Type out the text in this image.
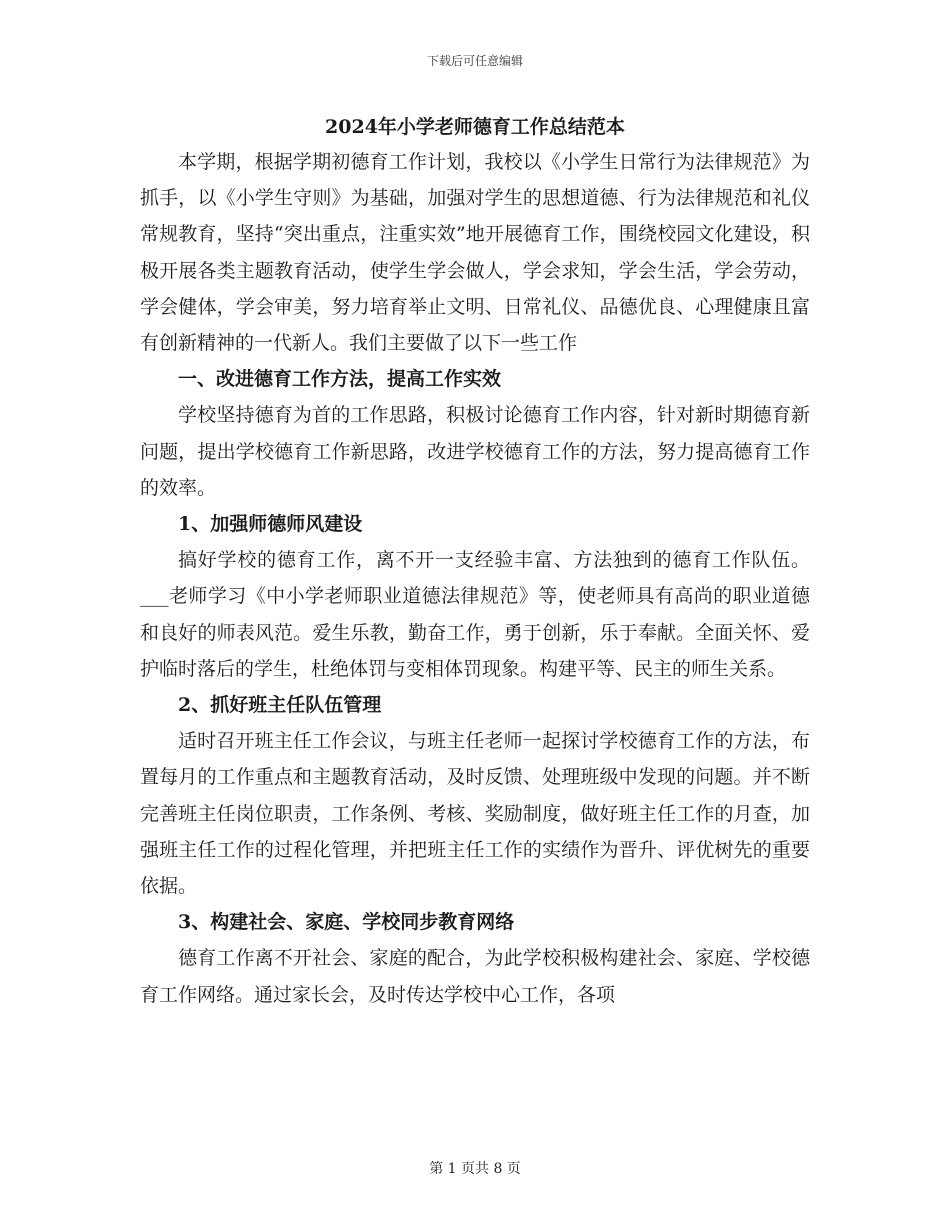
下载后可任意编辑

2024年小学老师德育工作总结范本

本学期，根据学期初德育工作计划，我校以《小学生日常行为法律规范》为抓手，以《小学生守则》为基础，加强对学生的思想道德、行为法律规范和礼仪常规教育，坚持“突出重点，注重实效”地开展德育工作，围绕校园文化建设，积极开展各类主题教育活动，使学生学会做人，学会求知，学会生活，学会劳动，学会健体，学会审美，努力培育举止文明、日常礼仪、品德优良、心理健康且富有创新精神的一代新人。我们主要做了以下一些工作

一、改进德育工作方法，提高工作实效

学校坚持德育为首的工作思路，积极讨论德育工作内容，针对新时期德育新问题，提出学校德育工作新思路，改进学校德育工作的方法，努力提高德育工作的效率。

1、加强师德师风建设

搞好学校的德育工作，离不开一支经验丰富、方法独到的德育工作队伍。___老师学习《中小学老师职业道德法律规范》等，使老师具有高尚的职业道德和良好的师表风范。爱生乐教，勤奋工作，勇于创新，乐于奉献。全面关怀、爱护临时落后的学生，杜绝体罚与变相体罚现象。构建平等、民主的师生关系。

2、抓好班主任队伍管理

适时召开班主任工作会议，与班主任老师一起探讨学校德育工作的方法，布置每月的工作重点和主题教育活动，及时反馈、处理班级中发现的问题。并不断完善班主任岗位职责，工作条例、考核、奖励制度，做好班主任工作的月查，加强班主任工作的过程化管理，并把班主任工作的实绩作为晋升、评优树先的重要依据。

3、构建社会、家庭、学校同步教育网络

德育工作离不开社会、家庭的配合，为此学校积极构建社会、家庭、学校德育工作网络。通过家长会，及时传达学校中心工作，各项

第 1 页共 8 页
